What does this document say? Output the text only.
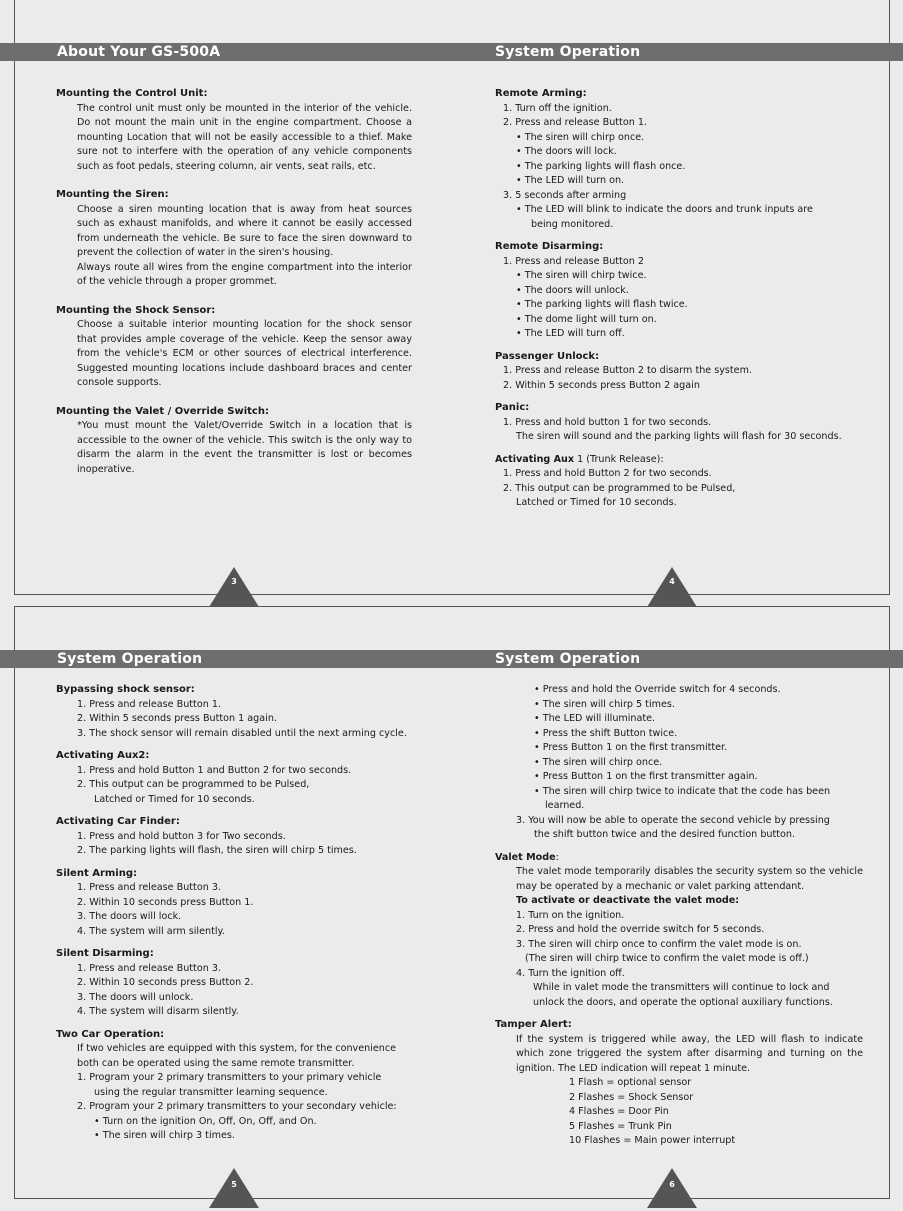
About Your GS-500A	System Operation
System Operation	System Operation

Mounting the Control Unit:

The control unit must only be mounted in the interior of the vehicle. Do not mount the main unit in the engine compartment. Choose a mounting Location that will not be easily accessible to a thief. Make sure not to interfere with the operation of any vehicle components such as foot pedals, steering column, air vents, seat rails, etc.

Mounting the Siren:

Choose a siren mounting location that is away from heat sources such as exhaust manifolds, and where it cannot be easily accessed from underneath the vehicle. Be sure to face the siren downward to prevent the collection of water in the siren's housing.

Always route all wires from the engine compartment into the interior of the vehicle through a proper grommet.

Mounting the Shock Sensor:

Choose a suitable interior mounting location for the shock sensor that provides ample coverage of the vehicle. Keep the sensor away from the vehicle's ECM or other sources of electrical interference. Suggested mounting locations include dashboard braces and center console supports.

Mounting the Valet / Override Switch:

*You must mount the Valet/Override Switch in a location that is accessible to the owner of the vehicle. This switch is the only way to disarm the alarm in the event the transmitter is lost or becomes inoperative.

Remote Arming:

1. Turn off the ignition.

2. Press and release Button 1.

• The siren will chirp once.

• The doors will lock.

• The parking lights will flash once.

• The LED will turn on.

3. 5 seconds after arming

• The LED will blink to indicate the doors and trunk inputs are

being monitored.

Remote Disarming:

1. Press and release Button 2

• The siren will chirp twice.

• The doors will unlock.

• The parking lights will flash twice.

• The dome light will turn on.

• The LED will turn off.

Passenger Unlock:

1. Press and release Button 2 to disarm the system.

2. Within 5 seconds press Button 2 again

Panic:

1. Press and hold button 1 for two seconds.

The siren will sound and the parking lights will flash for 30 seconds.

Activating Aux 1 (Trunk Release):

1. Press and hold Button 2 for two seconds.

2. This output can be programmed to be Pulsed,

Latched or Timed for 10 seconds.

Bypassing shock sensor:

1. Press and release Button 1.

2. Within 5 seconds press Button 1 again.

3. The shock sensor will remain disabled until the next arming cycle.

Activating Aux2:

1. Press and hold Button 1 and Button 2 for two seconds.

2. This output can be programmed to be Pulsed,

Latched or Timed for 10 seconds.

Activating Car Finder:

1. Press and hold button 3 for Two seconds.

2. The parking lights will flash, the siren will chirp 5 times.

Silent Arming:

1. Press and release Button 3.

2. Within 10 seconds press Button 1.

3. The doors will lock.

4. The system will arm silently.

Silent Disarming:

1. Press and release Button 3.

2. Within 10 seconds press Button 2.

3. The doors will unlock.

4. The system will disarm silently.

Two Car Operation:

If two vehicles are equipped with this system, for the convenience

both can be operated using the same remote transmitter.

1. Program your 2 primary transmitters to your primary vehicle

using the regular transmitter learning sequence.

2. Program your 2 primary transmitters to your secondary vehicle:

• Turn on the ignition On, Off, On, Off, and On.

• The siren will chirp 3 times.

• Press and hold the Override switch for 4 seconds.

• The siren will chirp 5 times.

• The LED will illuminate.

• Press the shift Button twice.

• Press Button 1 on the first transmitter.

• The siren will chirp once.

• Press Button 1 on the first transmitter again.

• The siren will chirp twice to indicate that the code has been

learned.

3. You will now be able to operate the second vehicle by pressing

the shift button twice and the desired function button.

Valet Mode:

The valet mode temporarily disables the security system so the vehicle may be operated by a mechanic or valet parking attendant.

To activate or deactivate the valet mode:

1. Turn on the ignition.

2. Press and hold the override switch for 5 seconds.

3. The siren will chirp once to confirm the valet mode is on.

(The siren will chirp twice to confirm the valet mode is off.)

4. Turn the ignition off.

While in valet mode the transmitters will continue to lock and

unlock the doors, and operate the optional auxiliary functions.

Tamper Alert:

If the system is triggered while away, the LED will flash to indicate which zone triggered the system after disarming and turning on the ignition. The LED indication will repeat 1 minute.

1 Flash = optional sensor

2 Flashes = Shock Sensor

4 Flashes = Door Pin

5 Flashes = Trunk Pin

10 Flashes = Main power interrupt

3	4
5	6
